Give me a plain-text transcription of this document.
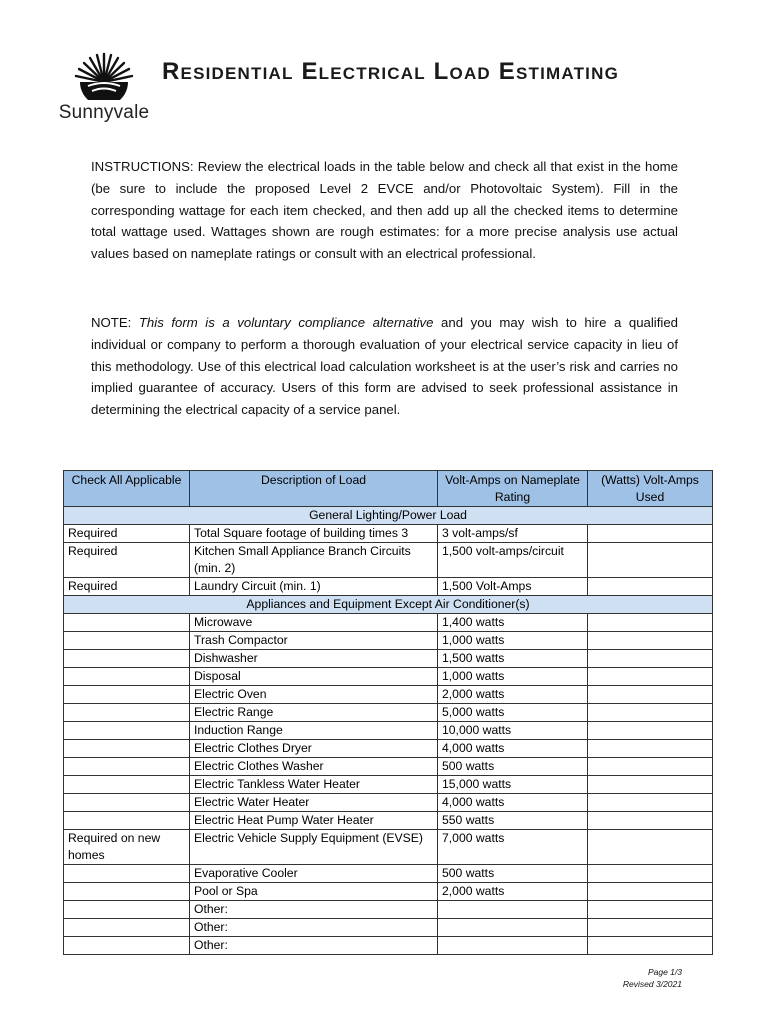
Sunnyvale
Residential Electrical Load Estimating
INSTRUCTIONS: Review the electrical loads in the table below and check all that exist in the home (be sure to include the proposed Level 2 EVCE and/or Photovoltaic System). Fill in the corresponding wattage for each item checked, and then add up all the checked items to determine total wattage used. Wattages shown are rough estimates: for a more precise analysis use actual values based on nameplate ratings or consult with an electrical professional.
NOTE: This form is a voluntary compliance alternative and you may wish to hire a qualified individual or company to perform a thorough evaluation of your electrical service capacity in lieu of this methodology. Use of this electrical load calculation worksheet is at the user’s risk and carries no implied guarantee of accuracy. Users of this form are advised to seek professional assistance in determining the electrical capacity of a service panel.
Check All Applicable	Description of Load	Volt-Amps on Nameplate Rating	(Watts) Volt-Amps Used
General Lighting/Power Load			
Required	Total Square footage of building times 3	3 volt-amps/sf	
Required	Kitchen Small Appliance Branch Circuits (min. 2)	1,500 volt-amps/circuit	
Required	Laundry Circuit (min. 1)	1,500 Volt-Amps	
Appliances and Equipment Except Air Conditioner(s)			
	Microwave	1,400 watts	
	Trash Compactor	1,000 watts	
	Dishwasher	1,500 watts	
	Disposal	1,000 watts	
	Electric Oven	2,000 watts	
	Electric Range	5,000 watts	
	Induction Range	10,000 watts	
	Electric Clothes Dryer	4,000 watts	
	Electric Clothes Washer	500 watts	
	Electric Tankless Water Heater	15,000 watts	
	Electric Water Heater	4,000 watts	
	Electric Heat Pump Water Heater	550 watts	
Required on new homes	Electric Vehicle Supply Equipment (EVSE)	7,000 watts	
	Evaporative Cooler	500 watts	
	Pool or Spa	2,000 watts	
	Other:		
	Other:		
	Other:		
Page 1/3
Revised 3/2021
